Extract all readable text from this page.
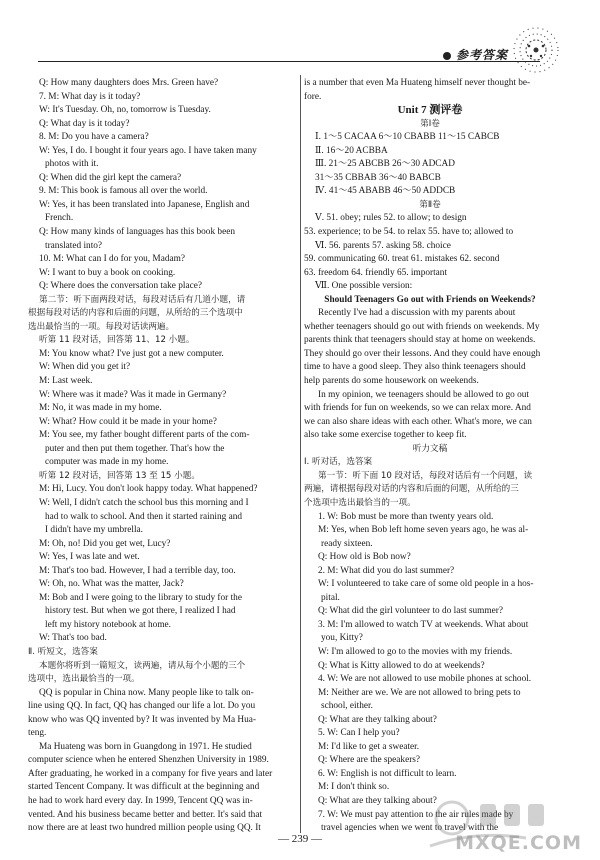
参考答案
Q: How many daughters does Mrs. Green have?
7. M: What day is it today?
W: It's Tuesday. Oh, no, tomorrow is Tuesday.
Q: What day is it today?
8. M: Do you have a camera?
W: Yes, I do. I bought it four years ago. I have taken many
photos with it.
Q: When did the girl kept the camera?
9. M: This book is famous all over the world.
W: Yes, it has been translated into Japanese, English and
French.
Q: How many kinds of languages has this book been
translated into?
10. M: What can I do for you, Madam?
W: I want to buy a book on cooking.
Q: Where does the conversation take place?
第二节：听下面两段对话，每段对话后有几道小题，请
根据每段对话的内容和后面的问题，从所给的三个选项中
选出最恰当的一项。每段对话读两遍。
听第 11 段对话，回答第 11、12 小题。
M: You know what? I've just got a new computer.
W: When did you get it?
M: Last week.
W: Where was it made? Was it made in Germany?
M: No, it was made in my home.
W: What? How could it be made in your home?
M: You see, my father bought different parts of the com-
puter and then put them together. That's how the
computer was made in my home.
听第 12 段对话，回答第 13 至 15 小题。
M: Hi, Lucy. You don't look happy today. What happened?
W: Well, I didn't catch the school bus this morning and I
had to walk to school. And then it started raining and
I didn't have my umbrella.
M: Oh, no! Did you get wet, Lucy?
W: Yes, I was late and wet.
M: That's too bad. However, I had a terrible day, too.
W: Oh, no. What was the matter, Jack?
M: Bob and I were going to the library to study for the
history test. But when we got there, I realized I had
left my history notebook at home.
W: That's too bad.
Ⅱ. 听短文，选答案
本题你将听到一篇短文，读两遍，请从每个小题的三个
选项中，选出最恰当的一项。
QQ is popular in China now. Many people like to talk on-
line using QQ. In fact, QQ has changed our life a lot. Do you
know who was QQ invented by? It was invented by Ma Hua-
teng.
Ma Huateng was born in Guangdong in 1971. He studied
computer science when he entered Shenzhen University in 1989.
After graduating, he worked in a company for five years and later
started Tencent Company. It was difficult at the beginning and
he had to work hard every day. In 1999, Tencent QQ was in-
vented. And his business became better and better. It's said that
now there are at least two hundred million people using QQ. It
is a number that even Ma Huateng himself never thought be-
fore.
Unit 7 测评卷
第Ⅰ卷
Ⅰ. 1～5 CACAA 6～10 CBABB 11～15 CABCB
Ⅱ. 16～20 ACBBA
Ⅲ. 21～25 ABCBB 26～30 ADCAD
31～35 CBBAB 36～40 BABCB
Ⅳ. 41～45 ABABB 46～50 ADDCB
第Ⅱ卷
Ⅴ. 51. obey; rules 52. to allow; to design
53. experience; to be 54. to relax 55. have to; allowed to
Ⅵ. 56. parents 57. asking 58. choice
59. communicating 60. treat 61. mistakes 62. second
63. freedom 64. friendly 65. important
Ⅶ. One possible version:
Should Teenagers Go out with Friends on Weekends?
Recently I've had a discussion with my parents about
whether teenagers should go out with friends on weekends. My
parents think that teenagers should stay at home on weekends.
They should go over their lessons. And they could have enough
time to have a good sleep. They also think teenagers should
help parents do some housework on weekends.
In my opinion, we teenagers should be allowed to go out
with friends for fun on weekends, so we can relax more. And
we can also share ideas with each other. What's more, we can
also take some exercise together to keep fit.
听力文稿
Ⅰ. 听对话，选答案
第一节：听下面 10 段对话，每段对话后有一个问题，读
两遍，请根据每段对话的内容和后面的问题，从所给的三
个选项中选出最恰当的一项。
1. W: Bob must be more than twenty years old.
M: Yes, when Bob left home seven years ago, he was al-
ready sixteen.
Q: How old is Bob now?
2. M: What did you do last summer?
W: I volunteered to take care of some old people in a hos-
pital.
Q: What did the girl volunteer to do last summer?
3. M: I'm allowed to watch TV at weekends. What about
you, Kitty?
W: I'm allowed to go to the movies with my friends.
Q: What is Kitty allowed to do at weekends?
4. W: We are not allowed to use mobile phones at school.
M: Neither are we. We are not allowed to bring pets to
school, either.
Q: What are they talking about?
5. W: Can I help you?
M: I'd like to get a sweater.
Q: Where are the speakers?
6. W: English is not difficult to learn.
M: I don't think so.
Q: What are they talking about?
7. W: We must pay attention to the air rules made by
travel agencies when we went to travel with the
— 239 —	MXQE.COM
